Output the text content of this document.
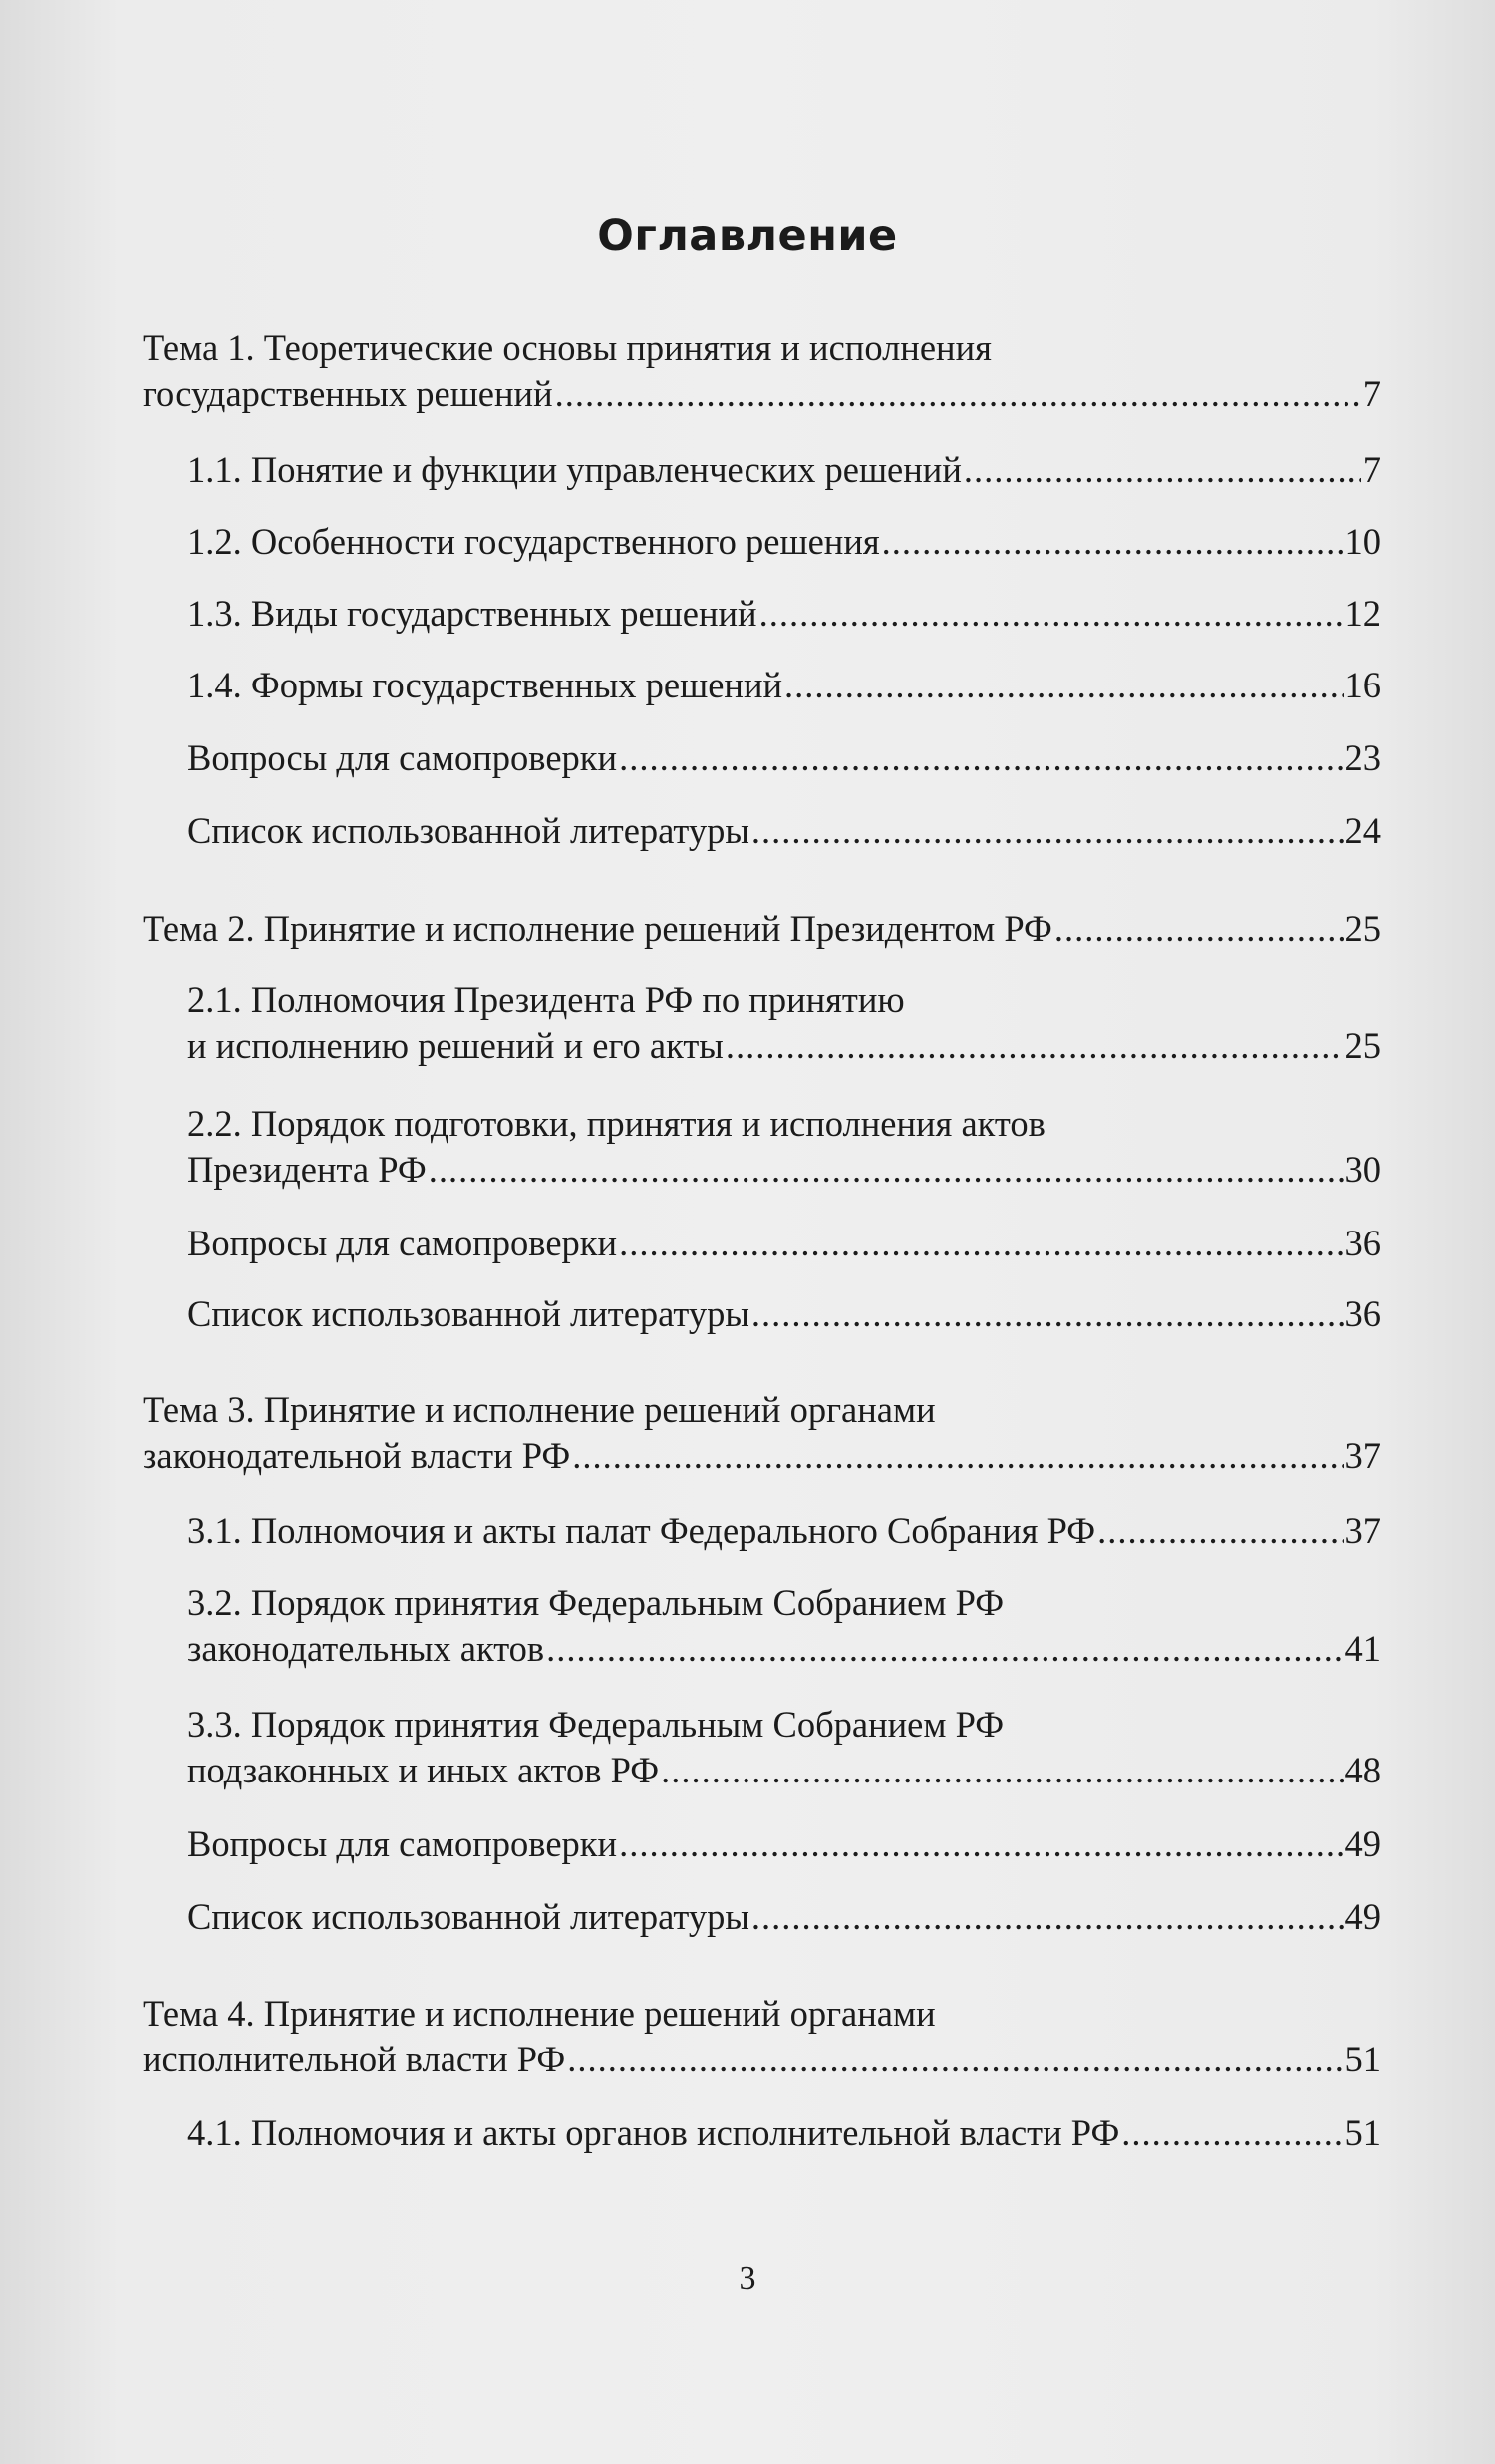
Оглавление
Тема 1. Теоретические основы принятия и исполнения
государственных решений .....	7
1.1. Понятие и функции управленческих решений .....	7
1.2. Особенности государственного решения .....	10
1.3. Виды государственных решений .....	12
1.4. Формы государственных решений .....	16
Вопросы для самопроверки .....	23
Список использованной литературы .....	24
Тема 2. Принятие и исполнение решений Президентом РФ .....	25
2.1. Полномочия Президента РФ по принятию
и исполнению решений и его акты .....	25
2.2. Порядок подготовки, принятия и исполнения актов
Президента РФ .....	30
Вопросы для самопроверки .....	36
Список использованной литературы .....	36
Тема 3. Принятие и исполнение решений органами
законодательной власти РФ .....	37
3.1. Полномочия и акты палат Федерального Собрания РФ .....	37
3.2. Порядок принятия Федеральным Собранием РФ
законодательных актов .....	41
3.3. Порядок принятия Федеральным Собранием РФ
подзаконных и иных актов РФ .....	48
Вопросы для самопроверки .....	49
Список использованной литературы .....	49
Тема 4. Принятие и исполнение решений органами
исполнительной власти РФ .....	51
4.1. Полномочия и акты органов исполнительной власти РФ .....	51
3
